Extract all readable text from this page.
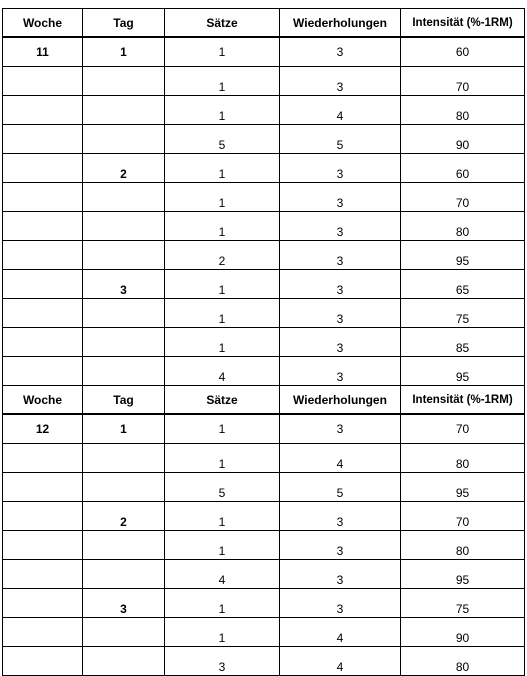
Woche	Tag	Sätze	Wiederholungen	Intensität (%-1RM)
11	1	1	3	60
		1	3	70
		1	4	80
		5	5	90
	2	1	3	60
		1	3	70
		1	3	80
		2	3	95
	3	1	3	65
		1	3	75
		1	3	85
		4	3	95
Woche	Tag	Sätze	Wiederholungen	Intensität (%-1RM)
12	1	1	3	70
		1	4	80
		5	5	95
	2	1	3	70
		1	3	80
		4	3	95
	3	1	3	75
		1	4	90
		3	4	80
